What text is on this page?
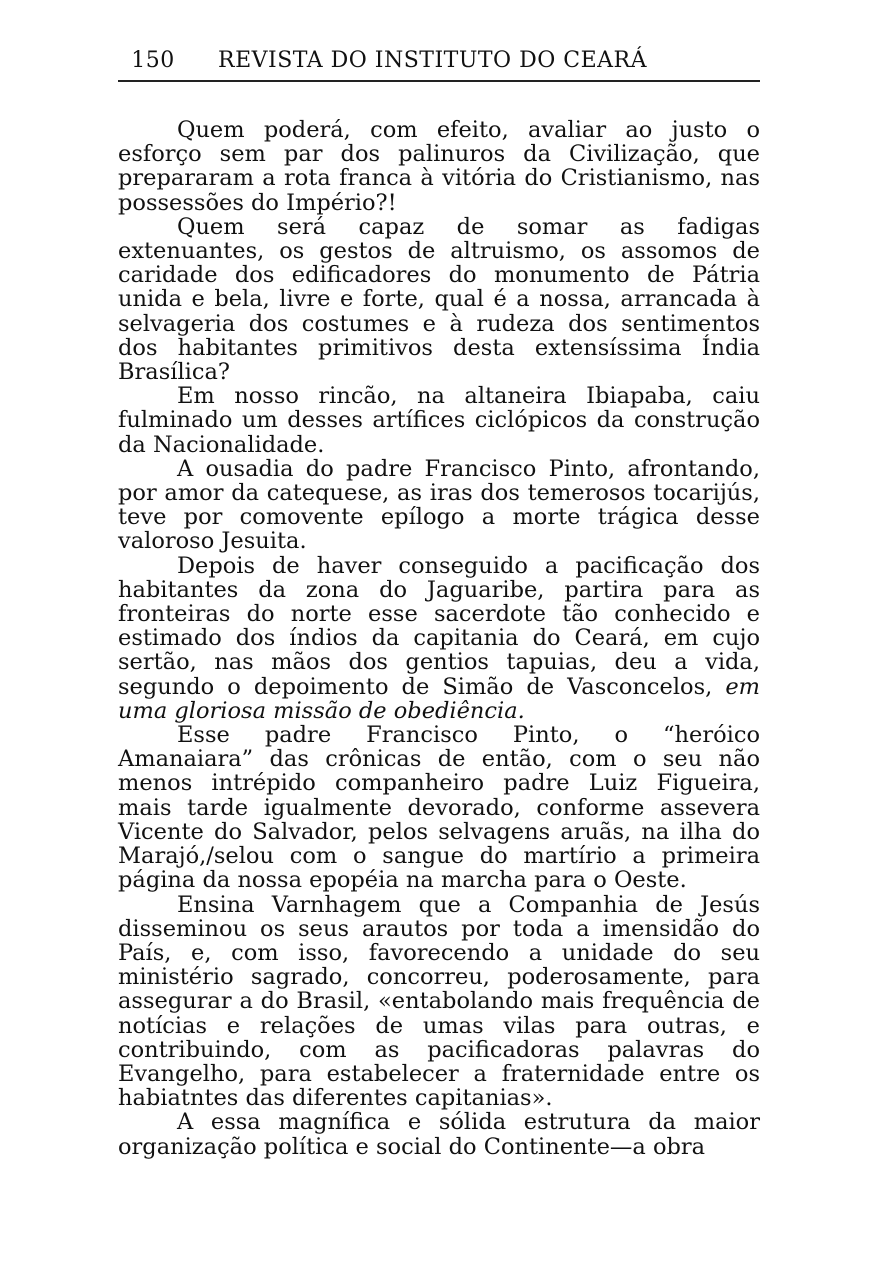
150	REVISTA DO INSTITUTO DO CEARÁ

Quem poderá, com efeito, avaliar ao justo o esforço sem par dos palinuros da Civilização, que prepararam a rota franca à vitória do Cristianismo, nas possessões do Império?!

Quem será capaz de somar as fadigas extenuantes, os gestos de altruismo, os assomos de caridade dos edificadores do monumento de Pátria unida e bela, livre e forte, qual é a nossa, arrancada à selvageria dos costumes e à rudeza dos sentimentos dos habitantes primitivos desta extensíssima Índia Brasílica?

Em nosso rincão, na altaneira Ibiapaba, caiu fulminado um desses artífices ciclópicos da construção da Nacionalidade.

A ousadia do padre Francisco Pinto, afrontando, por amor da catequese, as iras dos temerosos tocarijús, teve por comovente epílogo a morte trágica desse valoroso Jesuita.

Depois de haver conseguido a pacificação dos habitantes da zona do Jaguaribe, partira para as fronteiras do norte esse sacerdote tão conhecido e estimado dos índios da capitania do Ceará, em cujo sertão, nas mãos dos gentios tapuias, deu a vida, segundo o depoimento de Simão de Vasconcelos, em uma gloriosa missão de obediência.

Esse padre Francisco Pinto, o “heróico Amanaiara” das crônicas de então, com o seu não menos intrépido companheiro padre Luiz Figueira, mais tarde igualmente devorado, conforme assevera Vicente do Salvador, pelos selvagens aruãs, na ilha do Marajó,/selou com o sangue do martírio a primeira página da nossa epopéia na marcha para o Oeste.

Ensina Varnhagem que a Companhia de Jesús disseminou os seus arautos por toda a imensidão do País, e, com isso, favorecendo a unidade do seu ministério sagrado, concorreu, poderosamente, para assegurar a do Brasil, «entabolando mais frequência de notícias e relações de umas vilas para outras, e contribuindo, com as pacificadoras palavras do Evangelho, para estabelecer a fraternidade entre os habiatntes das diferentes capitanias».

A essa magnífica e sólida estrutura da maior organização política e social do Continente—a obra
